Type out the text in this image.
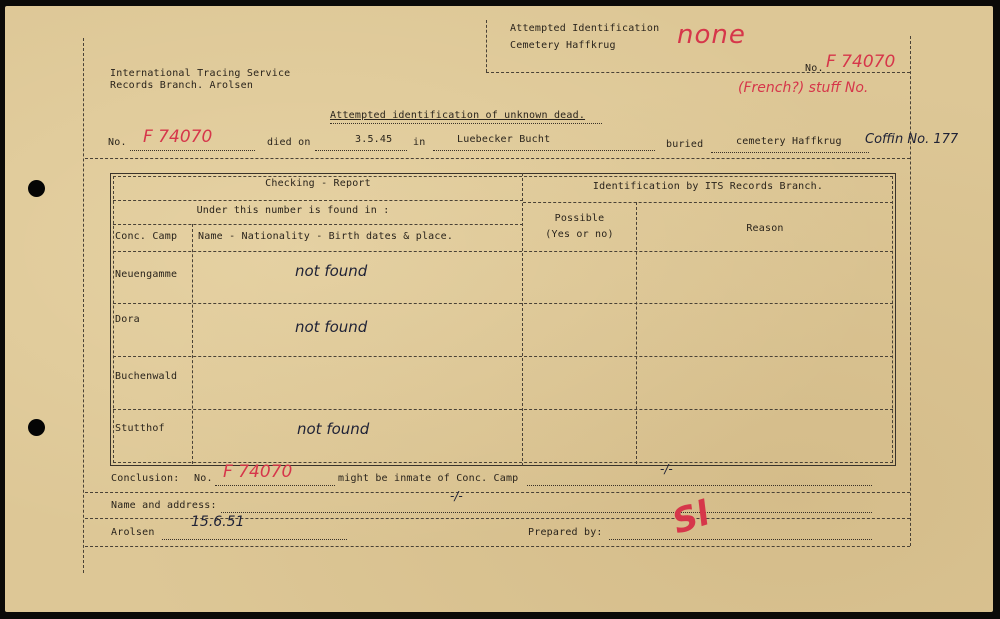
Attempted Identification
Cemetery Haffkrug none
No. F 74070
International Tracing Service
Records Branch. Arolsen	(French?) stuff No.
Attempted identification of unknown dead.
No. F 74070	died on	3.5.45 in	Luebecker Bucht	buried	cemetery Haffkrug Coffin No. 177
Checking - Report
Under this number is found in :
Conc. Camp Name - Nationality - Birth dates & place.
Identification by ITS Records Branch.
Possible
(Yes or no)
Reason
Neuengamme	not found
Dora	not found
Buchenwald
Stutthof	not found
Conclusion: No. F 74070	might be inmate of Conc. Camp
-/-
Name and address:
-/-
Arolsen
15.6.51
Prepared by: Sl
